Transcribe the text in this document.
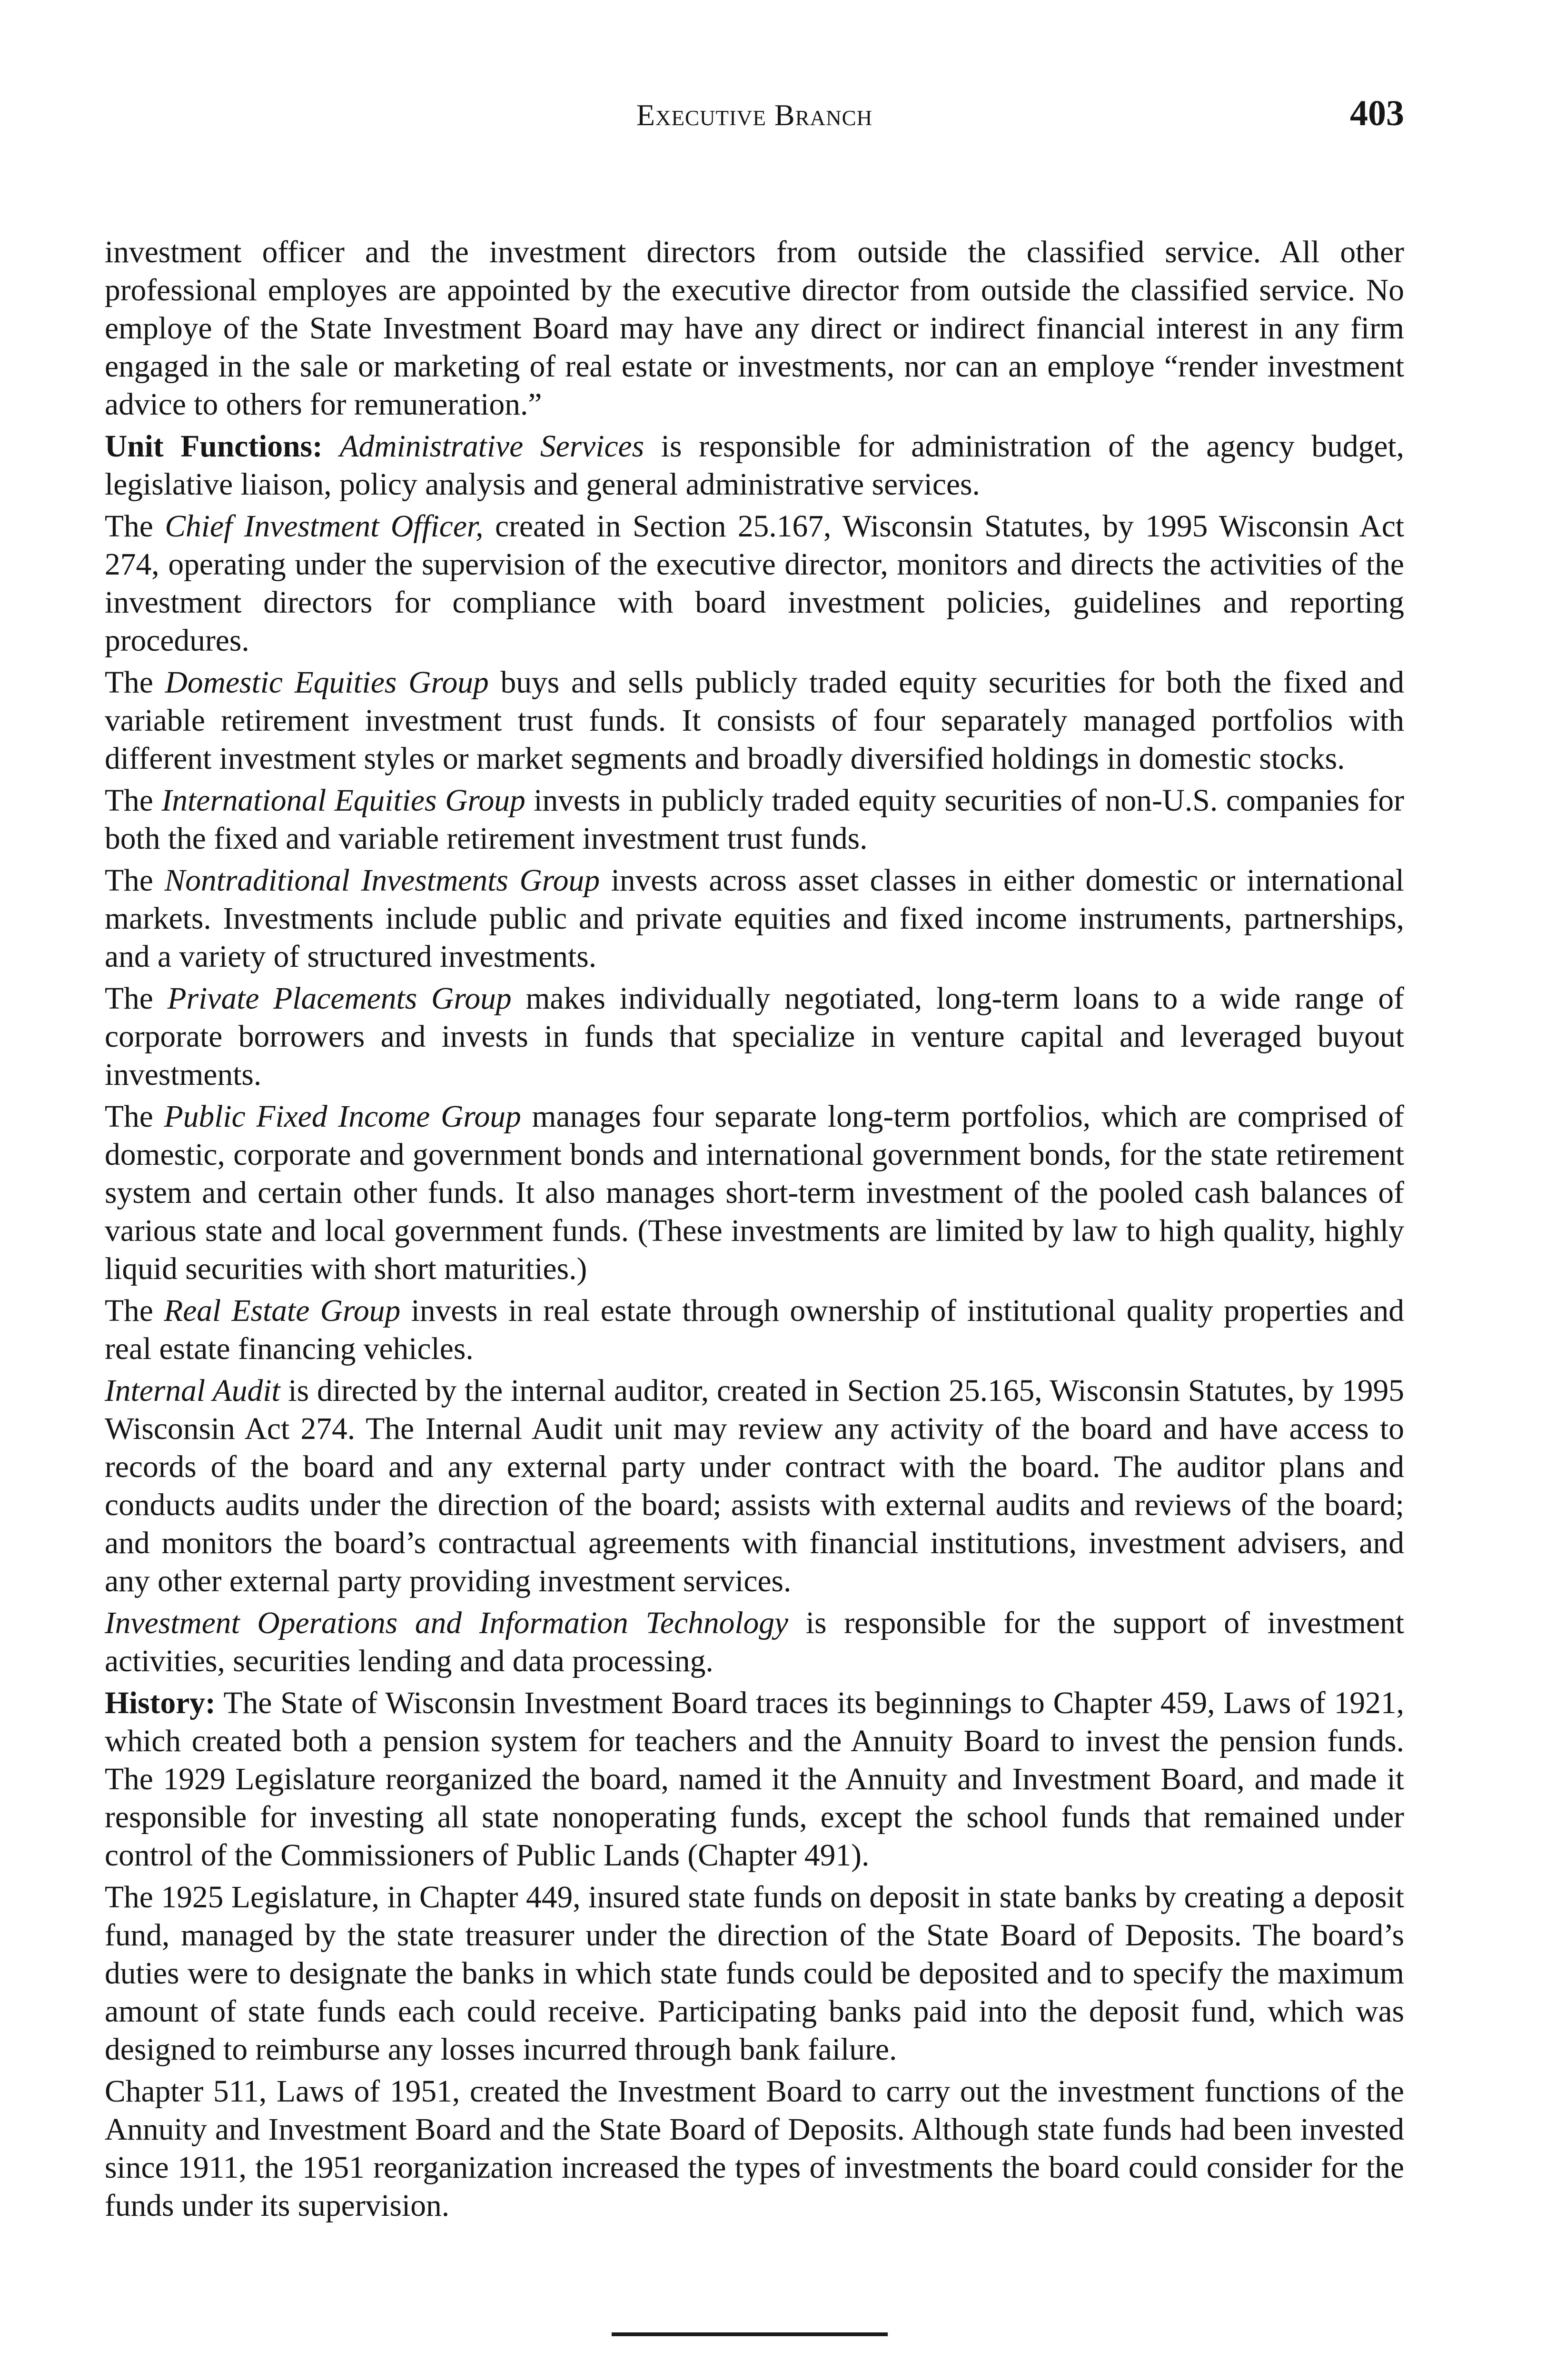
Executive Branch	403

investment officer and the investment directors from outside the classified service. All other professional employes are appointed by the executive director from outside the classified service. No employe of the State Investment Board may have any direct or indirect financial interest in any firm engaged in the sale or marketing of real estate or investments, nor can an employe “render investment advice to others for remuneration.”

Unit Functions: Administrative Services is responsible for administration of the agency budget, legislative liaison, policy analysis and general administrative services.

The Chief Investment Officer, created in Section 25.167, Wisconsin Statutes, by 1995 Wisconsin Act 274, operating under the supervision of the executive director, monitors and directs the activities of the investment directors for compliance with board investment policies, guidelines and reporting procedures.

The Domestic Equities Group buys and sells publicly traded equity securities for both the fixed and variable retirement investment trust funds. It consists of four separately managed portfolios with different investment styles or market segments and broadly diversified holdings in domestic stocks.

The International Equities Group invests in publicly traded equity securities of non-U.S. companies for both the fixed and variable retirement investment trust funds.

The Nontraditional Investments Group invests across asset classes in either domestic or international markets. Investments include public and private equities and fixed income instruments, partnerships, and a variety of structured investments.

The Private Placements Group makes individually negotiated, long-term loans to a wide range of corporate borrowers and invests in funds that specialize in venture capital and leveraged buyout investments.

The Public Fixed Income Group manages four separate long-term portfolios, which are comprised of domestic, corporate and government bonds and international government bonds, for the state retirement system and certain other funds. It also manages short-term investment of the pooled cash balances of various state and local government funds. (These investments are limited by law to high quality, highly liquid securities with short maturities.)

The Real Estate Group invests in real estate through ownership of institutional quality properties and real estate financing vehicles.

Internal Audit is directed by the internal auditor, created in Section 25.165, Wisconsin Statutes, by 1995 Wisconsin Act 274. The Internal Audit unit may review any activity of the board and have access to records of the board and any external party under contract with the board. The auditor plans and conducts audits under the direction of the board; assists with external audits and reviews of the board; and monitors the board’s contractual agreements with financial institutions, investment advisers, and any other external party providing investment services.

Investment Operations and Information Technology is responsible for the support of investment activities, securities lending and data processing.

History: The State of Wisconsin Investment Board traces its beginnings to Chapter 459, Laws of 1921, which created both a pension system for teachers and the Annuity Board to invest the pension funds. The 1929 Legislature reorganized the board, named it the Annuity and Investment Board, and made it responsible for investing all state nonoperating funds, except the school funds that remained under control of the Commissioners of Public Lands (Chapter 491).

The 1925 Legislature, in Chapter 449, insured state funds on deposit in state banks by creating a deposit fund, managed by the state treasurer under the direction of the State Board of Deposits. The board’s duties were to designate the banks in which state funds could be deposited and to specify the maximum amount of state funds each could receive. Participating banks paid into the deposit fund, which was designed to reimburse any losses incurred through bank failure.

Chapter 511, Laws of 1951, created the Investment Board to carry out the investment functions of the Annuity and Investment Board and the State Board of Deposits. Although state funds had been invested since 1911, the 1951 reorganization increased the types of investments the board could consider for the funds under its supervision.
